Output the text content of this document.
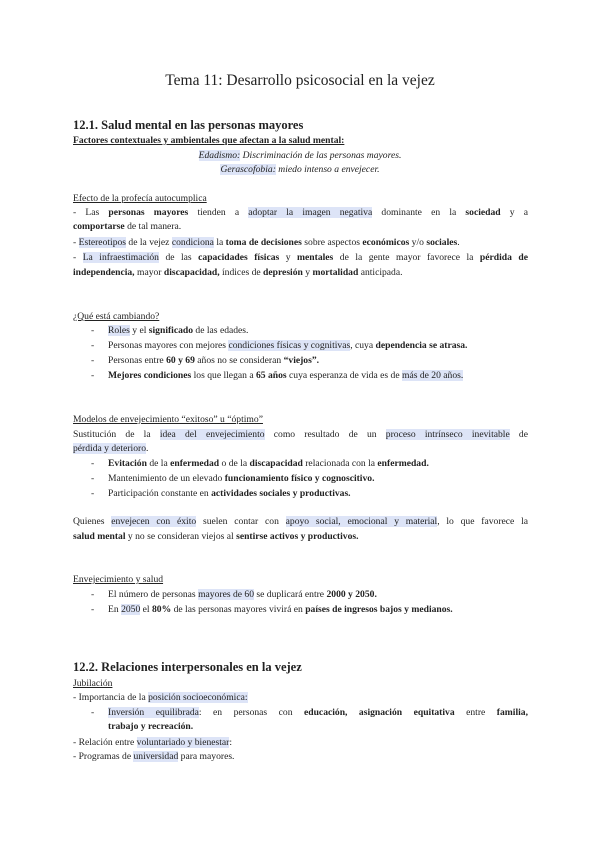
Tema 11: Desarrollo psicosocial en la vejez
12.1. Salud mental en las personas mayores
Factores contextuales y ambientales que afectan a la salud mental:
Edadismo: Discriminación de las personas mayores.
Gerascofobia: miedo intenso a envejecer.
Efecto de la profecía autocumplica
- Las personas mayores tienden a adoptar la imagen negativa dominante en la sociedad y a
comportarse de tal manera.
- Estereotipos de la vejez condiciona la toma de decisiones sobre aspectos económicos y/o sociales.
- La infraestimación de las capacidades físicas y mentales de la gente mayor favorece la pérdida de
independencia, mayor discapacidad, índices de depresión y mortalidad anticipada.
¿Qué está cambiando?
- Roles y el significado de las edades.
- Personas mayores con mejores condiciones físicas y cognitivas, cuya dependencia se atrasa.
- Personas entre 60 y 69 años no se consideran “viejos”.
- Mejores condiciones los que llegan a 65 años cuya esperanza de vida es de más de 20 años.
Modelos de envejecimiento “exitoso” u “óptimo”
Sustitución de la idea del envejecimiento como resultado de un proceso intrínseco inevitable de
pérdida y deterioro.
- Evitación de la enfermedad o de la discapacidad relacionada con la enfermedad.
- Mantenimiento de un elevado funcionamiento físico y cognoscitivo.
- Participación constante en actividades sociales y productivas.
Quienes envejecen con éxito suelen contar con apoyo social, emocional y material, lo que favorece la
salud mental y no se consideran viejos al sentirse activos y productivos.
Envejecimiento y salud
- El número de personas mayores de 60 se duplicará entre 2000 y 2050.
- En 2050 el 80% de las personas mayores vivirá en países de ingresos bajos y medianos.
12.2. Relaciones interpersonales en la vejez
Jubilación
- Importancia de la posición socioeconómica:
- Inversión equilibrada: en personas con educación, asignación equitativa entre familia,
trabajo y recreación.
- Relación entre voluntariado y bienestar:
- Programas de universidad para mayores.
